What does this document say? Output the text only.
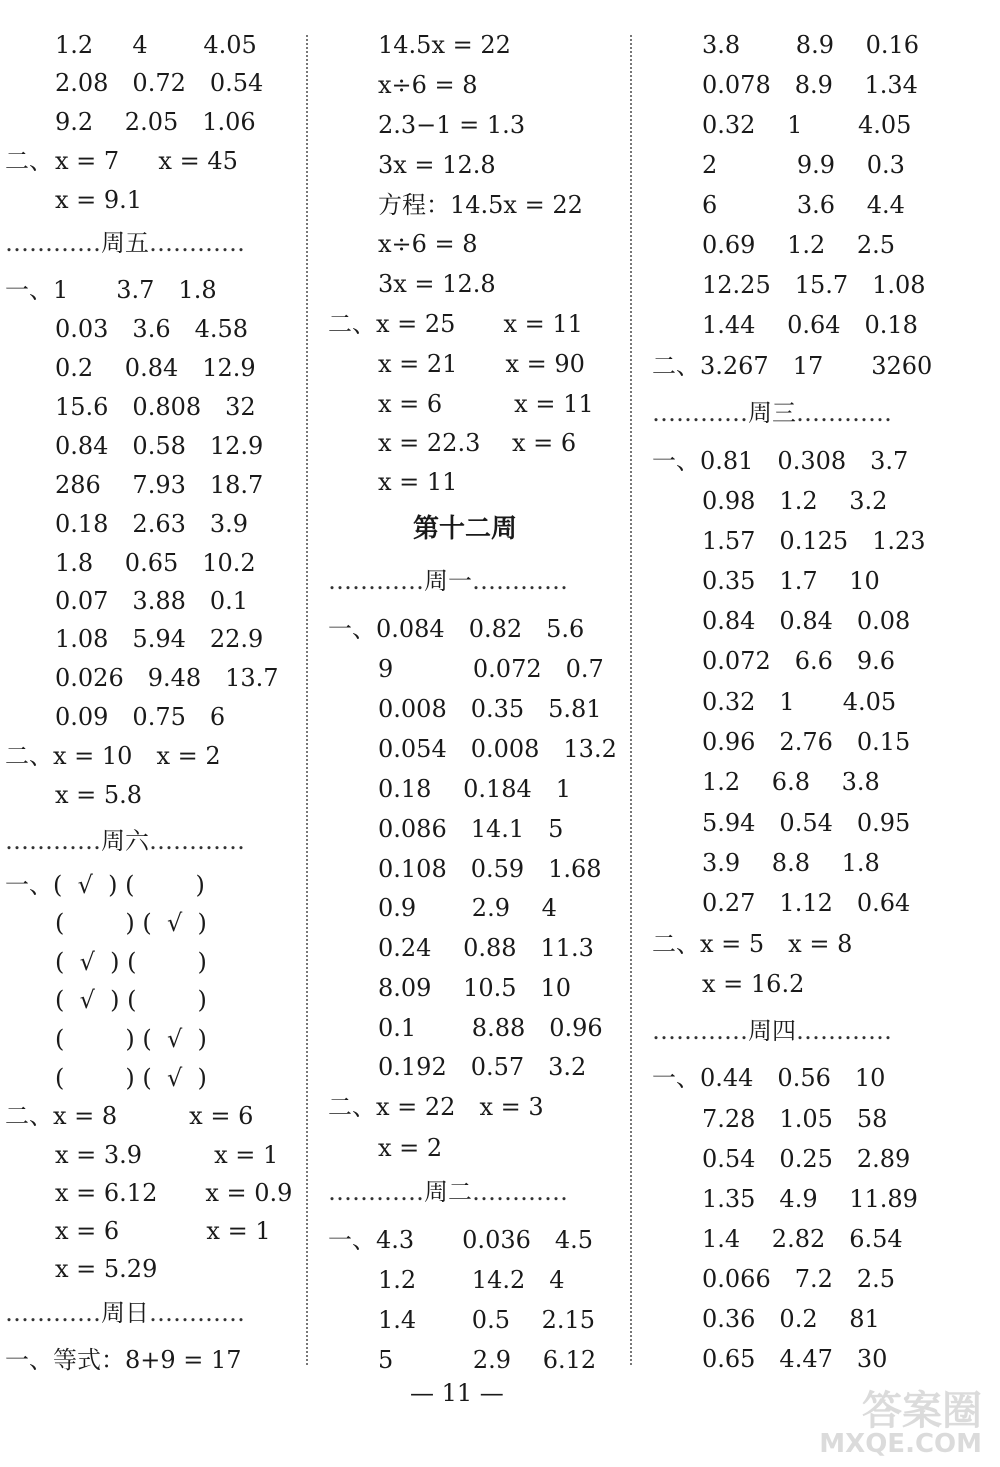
1.2　  4　 　4.05
2.08　0.72　0.54
9.2　 2.05　1.06
二、 x = 7　  x = 45
x = 9.1
…………周五…………
一、1　　3.7　1.8
0.03　3.6　4.58
0.2　 0.84　12.9
15.6　0.808　32
0.84　0.58　12.9
286　 7.93　18.7
0.18　2.63　3.9
1.8　 0.65　10.2
0.07　3.88　0.1
1.08　5.94　22.9
0.026　9.48　13.7
0.09　0.75　6
二、x = 10　x = 2
x = 5.8
…………周六…………
一、(  √  ) (        )
(        ) (  √  )
(  √  ) (        )
(  √  ) (        )
(        ) (  √  )
(        ) (  √  )
二、x = 8　　　x = 6
x = 3.9　　　x = 1
x = 6.12　　x = 0.9
x = 6　　　  x = 1
x = 5.29
…………周日…………
一、等式：8+9 = 17
14.5x = 22
x÷6 = 8
2.3−1 = 1.3
3x = 12.8
方程：14.5x = 22
x÷6 = 8
3x = 12.8
二、x = 25　　x = 11
x = 21　　x = 90
x = 6　　　x = 11
x = 22.3　 x = 6
x = 11
第十二周
…………周一…………
一、0.084　0.82　5.6
9　　　 0.072　0.7
0.008　0.35　5.81
0.054　0.008　13.2
0.18　 0.184　1
0.086　14.1　5
0.108　0.59　1.68
0.9　　 2.9　 4
0.24　 0.88　11.3
8.09　 10.5　10
0.1　　 8.88　0.96
0.192　0.57　3.2
二、x = 22　x = 3
x = 2
…………周二…………
一、4.3　　0.036　4.5
1.2　　 14.2　4
1.4　　 0.5　 2.15
5　　　 2.9　 6.12
3.8　　 8.9　 0.16
0.078　8.9　 1.34
0.32　 1　　 4.05
2　　　 9.9　 0.3
6　　　 3.6　 4.4
0.69　 1.2　 2.5
12.25　15.7　1.08
1.44　 0.64　0.18
二、3.267　17　　3260
…………周三…………
一、0.81　0.308　3.7
0.98　1.2　 3.2
1.57　0.125　1.23
0.35　1.7　 10
0.84　0.84　0.08
0.072　6.6　9.6
0.32　1　　4.05
0.96　2.76　0.15
1.2　 6.8　 3.8
5.94　0.54　0.95
3.9　 8.8　 1.8
0.27　1.12　0.64
二、x = 5　x = 8
x = 16.2
…………周四…………
一、0.44　0.56　10
7.28　1.05　58
0.54　0.25　2.89
1.35　4.9　 11.89
1.4　 2.82　6.54
0.066　7.2　2.5
0.36　0.2　 81
0.65　4.47　30
— 11 —	答案圈
MXQE.COM
